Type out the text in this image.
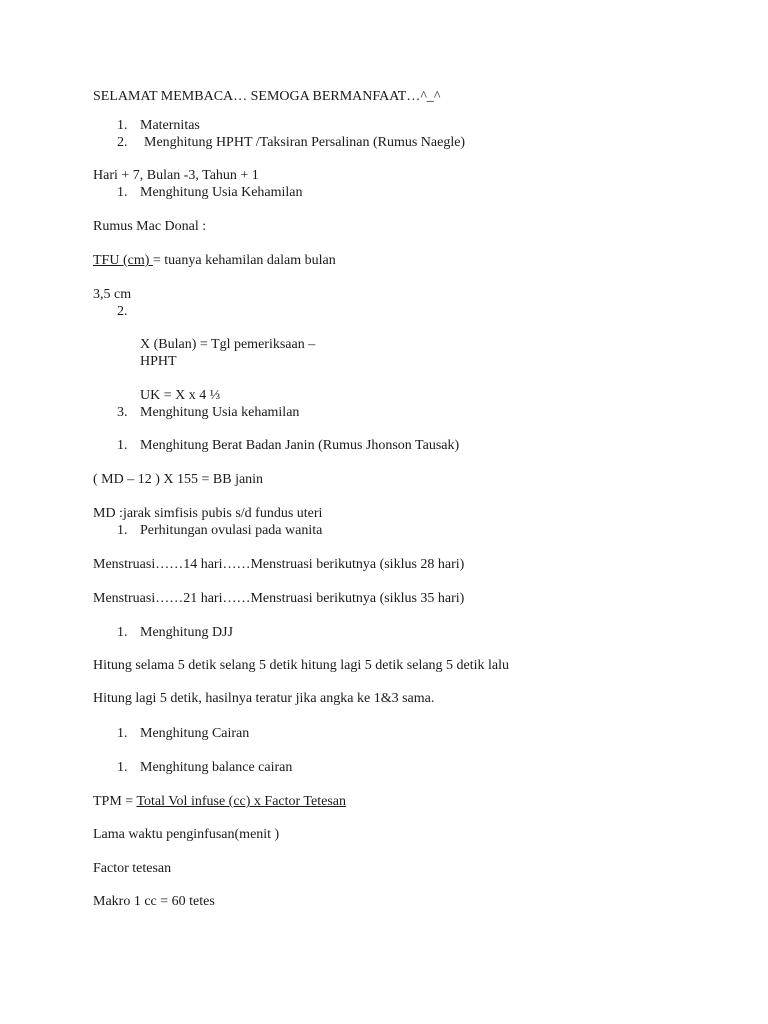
SELAMAT MEMBACA… SEMOGA BERMANFAAT…^_^
1. Maternitas
2. Menghitung HPHT /Taksiran Persalinan (Rumus Naegle)
Hari + 7, Bulan -3, Tahun + 1
1. Menghitung Usia Kehamilan
Rumus Mac Donal :
TFU (cm) = tuanya kehamilan dalam bulan
3,5 cm
2.
X (Bulan) = Tgl pemeriksaan –
HPHT
UK = X x 4 ⅓
3. Menghitung Usia kehamilan
1. Menghitung Berat Badan Janin (Rumus Jhonson Tausak)
( MD – 12 ) X 155 = BB janin
MD :jarak simfisis pubis s/d fundus uteri
1. Perhitungan ovulasi pada wanita
Menstruasi……14 hari……Menstruasi berikutnya (siklus 28 hari)
Menstruasi……21 hari……Menstruasi berikutnya (siklus 35 hari)
1. Menghitung DJJ
Hitung selama 5 detik selang 5 detik hitung lagi 5 detik selang 5 detik lalu
Hitung lagi 5 detik, hasilnya teratur jika angka ke 1&3 sama.
1. Menghitung Cairan
1. Menghitung balance cairan
TPM = Total Vol infuse (cc) x Factor Tetesan
Lama waktu penginfusan(menit )
Factor tetesan
Makro 1 cc = 60 tetes
